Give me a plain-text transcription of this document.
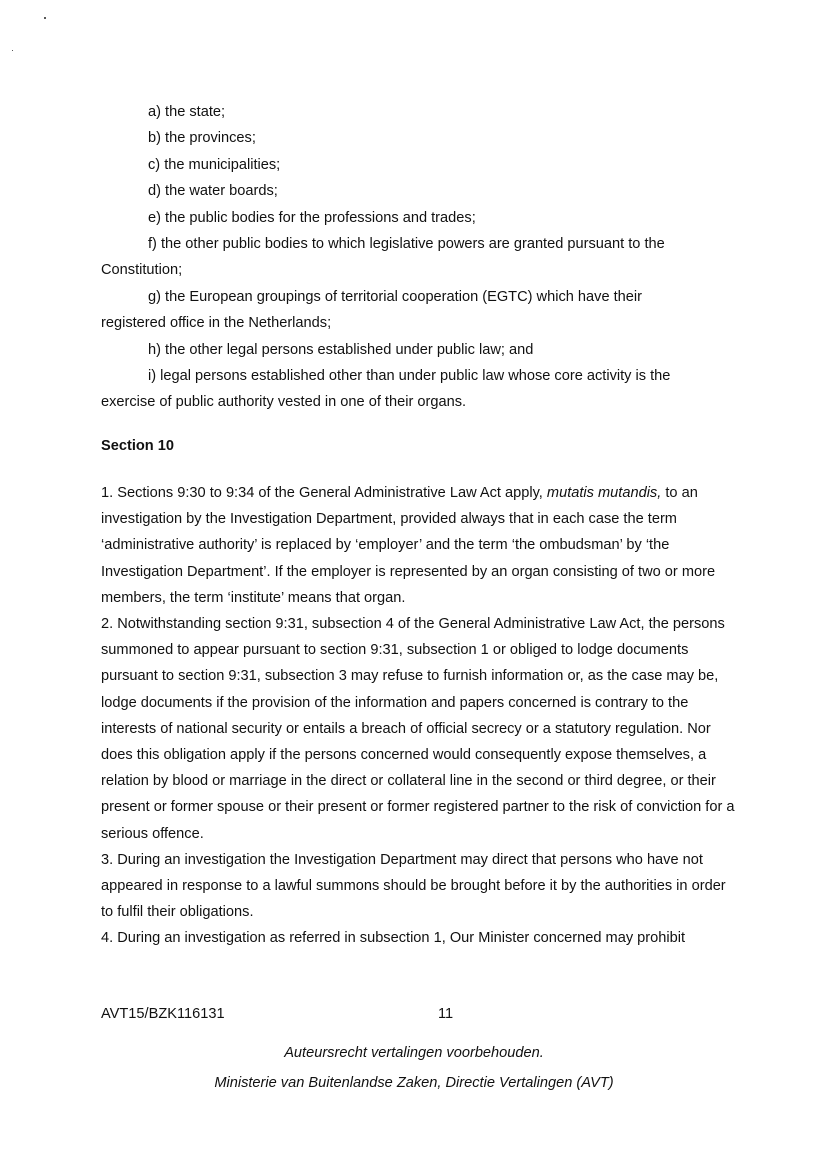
a) the state;

b) the provinces;

c) the municipalities;

d) the water boards;

e) the public bodies for the professions and trades;

f) the other public bodies to which legislative powers are granted pursuant to the

Constitution;

g) the European groupings of territorial cooperation (EGTC) which have their

registered office in the Netherlands;

h) the other legal persons established under public law; and

i) legal persons established other than under public law whose core activity is the

exercise of public authority vested in one of their organs.

Section 10

1. Sections 9:30 to 9:34 of the General Administrative Law Act apply, mutatis mutandis, to an investigation by the Investigation Department, provided always that in each case the term ‘administrative authority’ is replaced by ‘employer’ and the term ‘the ombudsman’ by ‘the Investigation Department’. If the employer is represented by an organ consisting of two or more members, the term ‘institute’ means that organ.

2. Notwithstanding section 9:31, subsection 4 of the General Administrative Law Act, the persons summoned to appear pursuant to section 9:31, subsection 1 or obliged to lodge documents pursuant to section 9:31, subsection 3 may refuse to furnish information or, as the case may be, lodge documents if the provision of the information and papers concerned is contrary to the interests of national security or entails a breach of official secrecy or a statutory regulation. Nor does this obligation apply if the persons concerned would consequently expose themselves, a relation by blood or marriage in the direct or collateral line in the second or third degree, or their present or former spouse or their present or former registered partner to the risk of conviction for a serious offence.

3. During an investigation the Investigation Department may direct that persons who have not appeared in response to a lawful summons should be brought before it by the authorities in order to fulfil their obligations.

4. During an investigation as referred in subsection 1, Our Minister concerned may prohibit

AVT15/BZK116131	11
Auteursrecht vertalingen voorbehouden.
Ministerie van Buitenlandse Zaken, Directie Vertalingen (AVT)
